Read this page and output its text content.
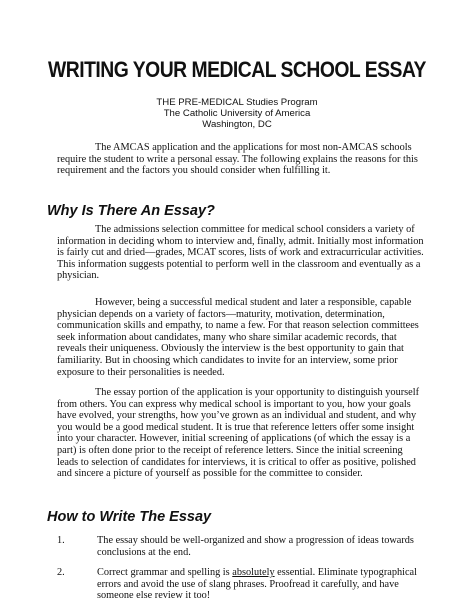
WRITING YOUR MEDICAL SCHOOL ESSAY
THE PRE-MEDICAL Studies Program
The Catholic University of America
Washington, DC
The AMCAS application and the applications for most non-AMCAS schools
require the student to write a personal essay. The following explains the reasons for this
requirement and the factors you should consider when fulfilling it.
Why Is There An Essay?
The admissions selection committee for medical school considers a variety of
information in deciding whom to interview and, finally, admit. Initially most information
is fairly cut and dried—grades, MCAT scores, lists of work and extracurricular activities.
This information suggests potential to perform well in the classroom and eventually as a
physician.
However, being a successful medical student and later a responsible, capable
physician depends on a variety of factors—maturity, motivation, determination,
communication skills and empathy, to name a few. For that reason selection committees
seek information about candidates, many who share similar academic records, that
reveals their uniqueness. Obviously the interview is the best opportunity to gain that
familiarity. But in choosing which candidates to invite for an interview, some prior
exposure to their personalities is needed.
The essay portion of the application is your opportunity to distinguish yourself
from others. You can express why medical school is important to you, how your goals
have evolved, your strengths, how you’ve grown as an individual and student, and why
you would be a good medical student. It is true that reference letters offer some insight
into your character. However, initial screening of applications (of which the essay is a
part) is often done prior to the receipt of reference letters. Since the initial screening
leads to selection of candidates for interviews, it is critical to offer as positive, polished
and sincere a picture of yourself as possible for the committee to consider.
How to Write The Essay
1.	The essay should be well-organized and show a progression of ideas towards
conclusions at the end.
2.	Correct grammar and spelling is absolutely essential. Eliminate typographical
errors and avoid the use of slang phrases. Proofread it carefully, and have
someone else review it too!
